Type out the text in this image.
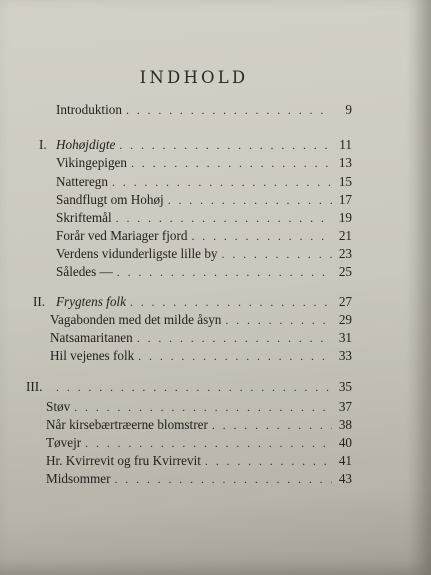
INDHOLD
Introduktion . . .	9
I. Hohøjdigte . . .	11
Vikingepigen . . .	13
Natteregn . . .	15
Sandflugt om Hohøj . . .	17
Skriftemål . . .	19
Forår ved Mariager fjord . . .	21
Verdens vidunderligste lille by . . .	23
Således — . . .	25
II. Frygtens folk . . .	27
Vagabonden med det milde åsyn . . .	29
Natsamaritanen . . .	31
Hil vejenes folk . . .	33
III. . . .	35
Støv . . .	37
Når kirsebærtræerne blomstrer . . .	38
Tøvejr . . .	40
Hr. Kvirrevit og fru Kvirrevit . . .	41
Midsommer . . .	43
